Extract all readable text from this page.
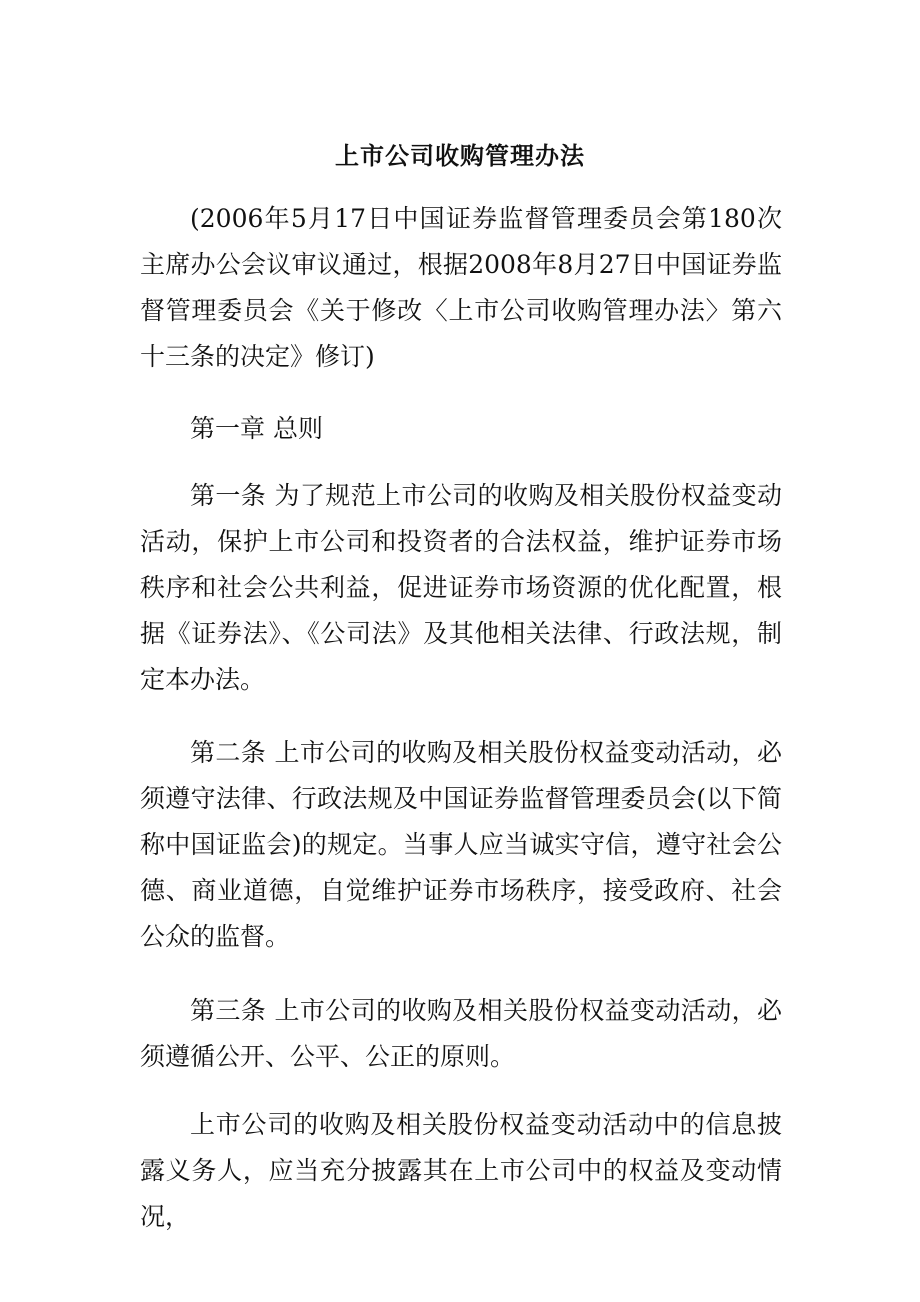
上市公司收购管理办法

(2006年5月17日中国证券监督管理委员会第180次主席办公会议审议通过，根据2008年8月27日中国证券监督管理委员会《关于修改〈上市公司收购管理办法〉第六十三条的决定》修订)

第一章 总则

第一条 为了规范上市公司的收购及相关股份权益变动活动，保护上市公司和投资者的合法权益，维护证券市场秩序和社会公共利益，促进证券市场资源的优化配置，根据《证券法》、《公司法》及其他相关法律、行政法规，制定本办法。

第二条 上市公司的收购及相关股份权益变动活动，必须遵守法律、行政法规及中国证券监督管理委员会(以下简称中国证监会)的规定。当事人应当诚实守信，遵守社会公德、商业道德，自觉维护证券市场秩序，接受政府、社会公众的监督。

第三条 上市公司的收购及相关股份权益变动活动，必须遵循公开、公平、公正的原则。

上市公司的收购及相关股份权益变动活动中的信息披露义务人，应当充分披露其在上市公司中的权益及变动情况，
